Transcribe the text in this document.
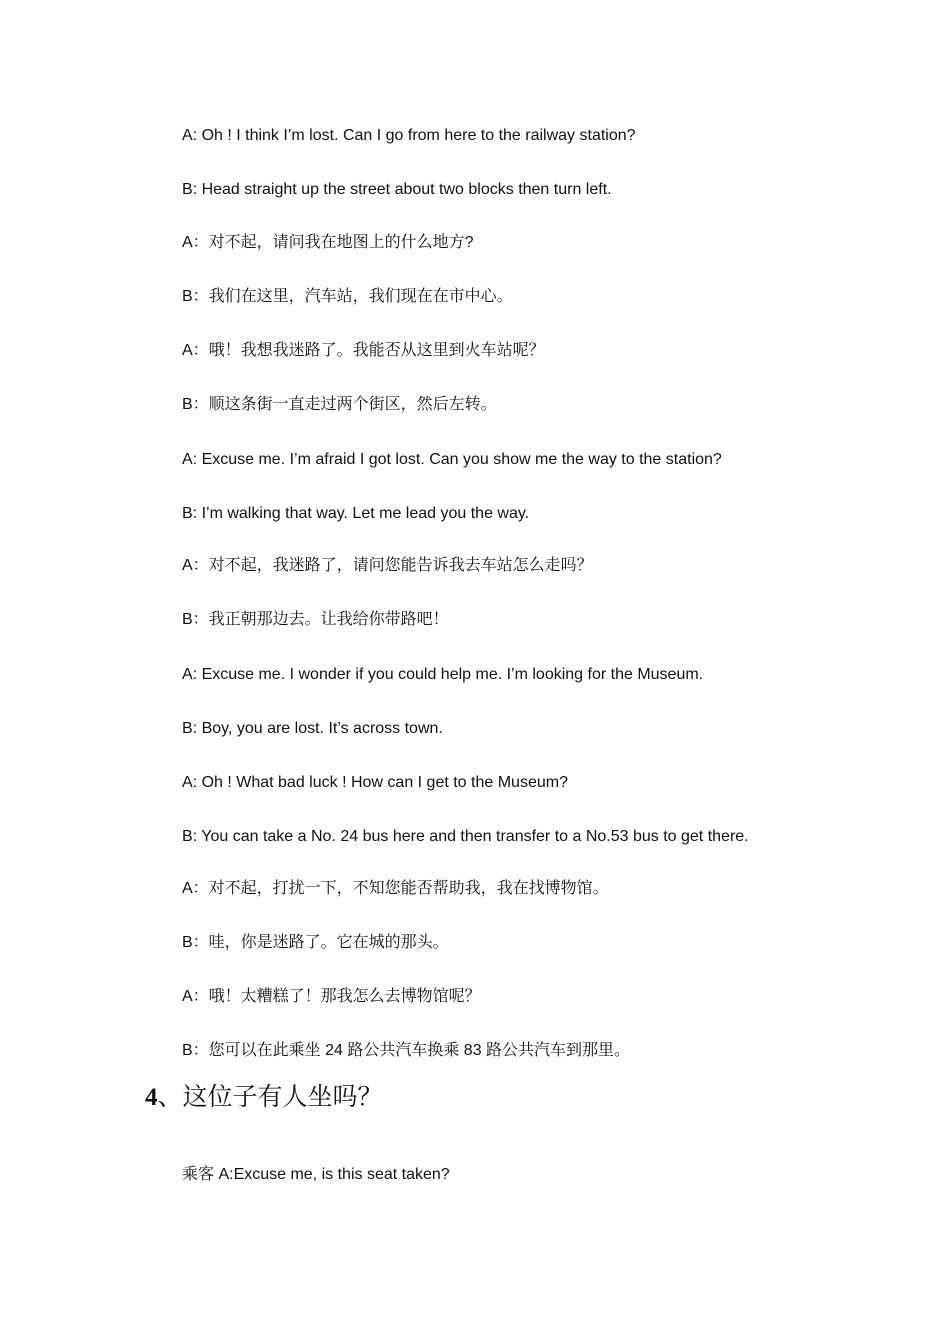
A: Oh ! I think I’m lost. Can I go from here to the railway station?
B: Head straight up the street about two blocks then turn left.
A：对不起，请问我在地图上的什么地方?
B：我们在这里，汽车站，我们现在在市中心。
A：哦！我想我迷路了。我能否从这里到火车站呢？
B：顺这条街一直走过两个街区，然后左转。
A: Excuse me. I’m afraid I got lost. Can you show me the way to the station?
B: I’m walking that way. Let me lead you the way.
A：对不起，我迷路了，请问您能告诉我去车站怎么走吗？
B：我正朝那边去。让我给你带路吧！
A: Excuse me. I wonder if you could help me. I’m looking for the Museum.
B: Boy, you are lost. It’s across town.
A: Oh ! What bad luck ! How can I get to the Museum?
B: You can take a No. 24 bus here and then transfer to a No.53 bus to get there.
A：对不起，打扰一下，不知您能否帮助我，我在找博物馆。
B：哇，你是迷路了。它在城的那头。
A：哦！太糟糕了！那我怎么去博物馆呢？
B：您可以在此乘坐 24 路公共汽车换乘 83 路公共汽车到那里。
4、这位子有人坐吗？
乘客 A:Excuse me, is this seat taken?
